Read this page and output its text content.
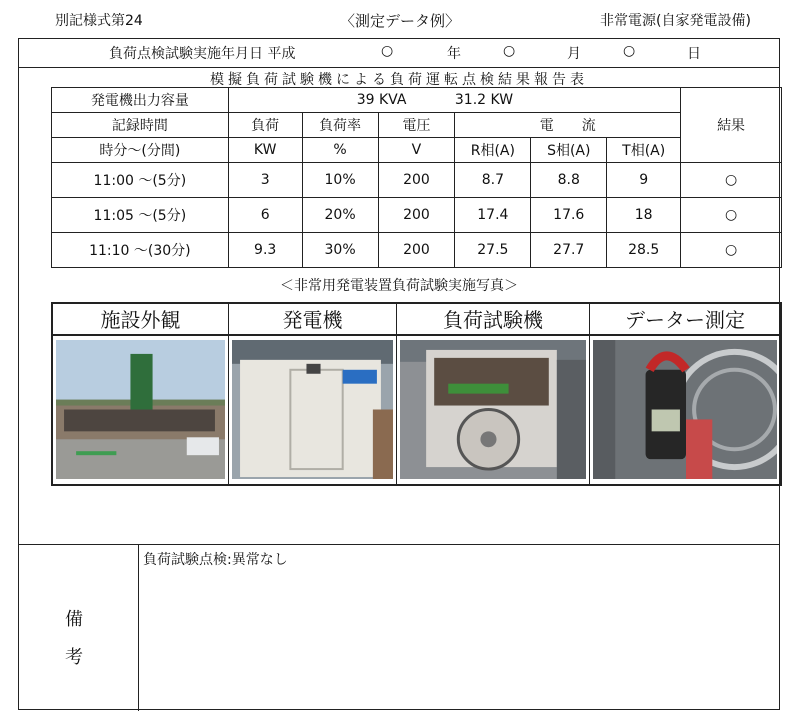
別記様式第24	〈測定データ例〉	非常電源(自家発電設備)
負荷点検試験実施年月日 平成	○	年	○	月	○	日
模擬負荷試験機による負荷運転点検結果報告表
＜非常用発電装置負荷試験実施写真＞
備
考
負荷試験点検:異常なし
発電機出力容量	39 KVA 31.2 KW						結果
記録時間	負荷	負荷率	電圧	電　　流			
時分～(分間)	KW	%	V	R相(A)	S相(A)	T相(A)	
11:00 ～(5分)	3	10%	200	8.7	8.8	9	○
11:05 ～(5分)	6	20%	200	17.4	17.6	18	○
11:10 ～(30分)	9.3	30%	200	27.5	27.7	28.5	○
施設外観	発電機	負荷試験機	データー測定
